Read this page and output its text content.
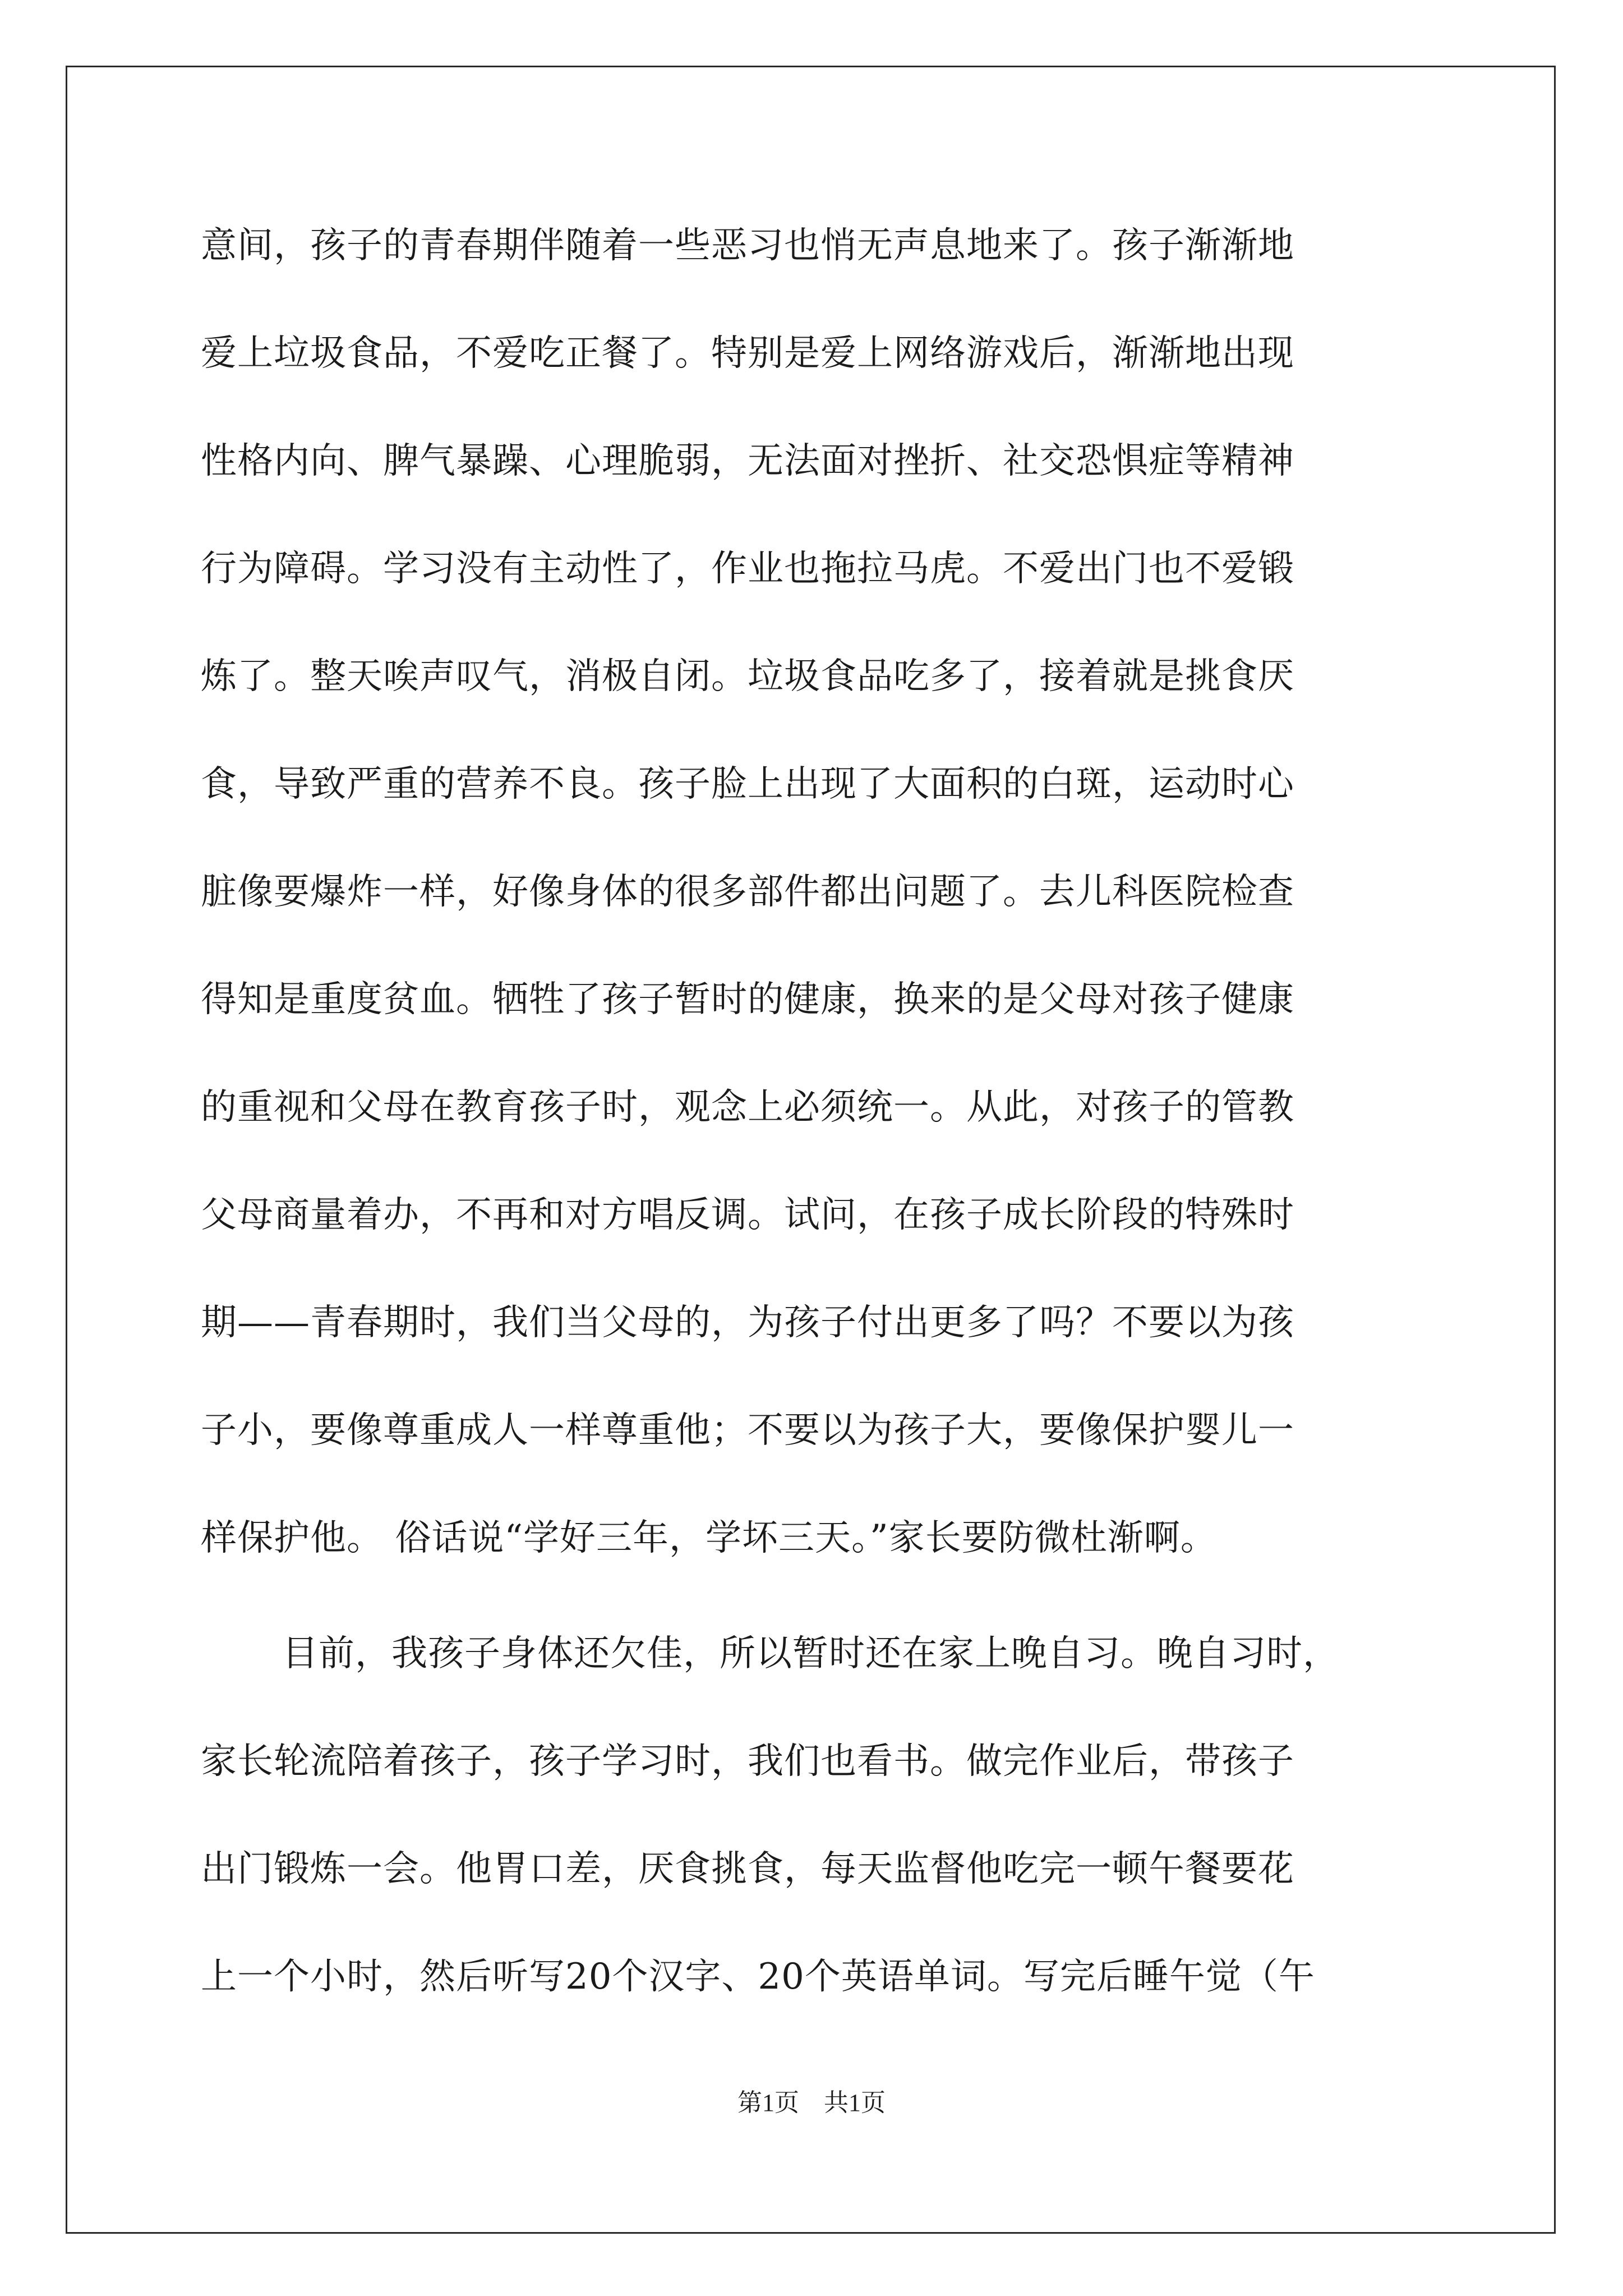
意间，孩子的青春期伴随着一些恶习也悄无声息地来了。孩子渐渐地
爱上垃圾食品，不爱吃正餐了。特别是爱上网络游戏后，渐渐地出现
性格内向、脾气暴躁、心理脆弱，无法面对挫折、社交恐惧症等精神
行为障碍。学习没有主动性了，作业也拖拉马虎。不爱出门也不爱锻
炼了。整天唉声叹气，消极自闭。垃圾食品吃多了，接着就是挑食厌
食，导致严重的营养不良。孩子脸上出现了大面积的白斑，运动时心
脏像要爆炸一样，好像身体的很多部件都出问题了。去儿科医院检查
得知是重度贫血。牺牲了孩子暂时的健康，换来的是父母对孩子健康
的重视和父母在教育孩子时，观念上必须统一。从此，对孩子的管教
父母商量着办，不再和对方唱反调。试问，在孩子成长阶段的特殊时
期——青春期时，我们当父母的，为孩子付出更多了吗？不要以为孩
子小，要像尊重成人一样尊重他；不要以为孩子大，要像保护婴儿一
样保护他。 俗话说“学好三年，学坏三天。”家长要防微杜渐啊。
目前，我孩子身体还欠佳，所以暂时还在家上晚自习。晚自习时，
家长轮流陪着孩子，孩子学习时，我们也看书。做完作业后，带孩子
出门锻炼一会。他胃口差，厌食挑食，每天监督他吃完一顿午餐要花
上一个小时，然后听写20个汉字、20个英语单词。写完后睡午觉（午
第1页　共1页
